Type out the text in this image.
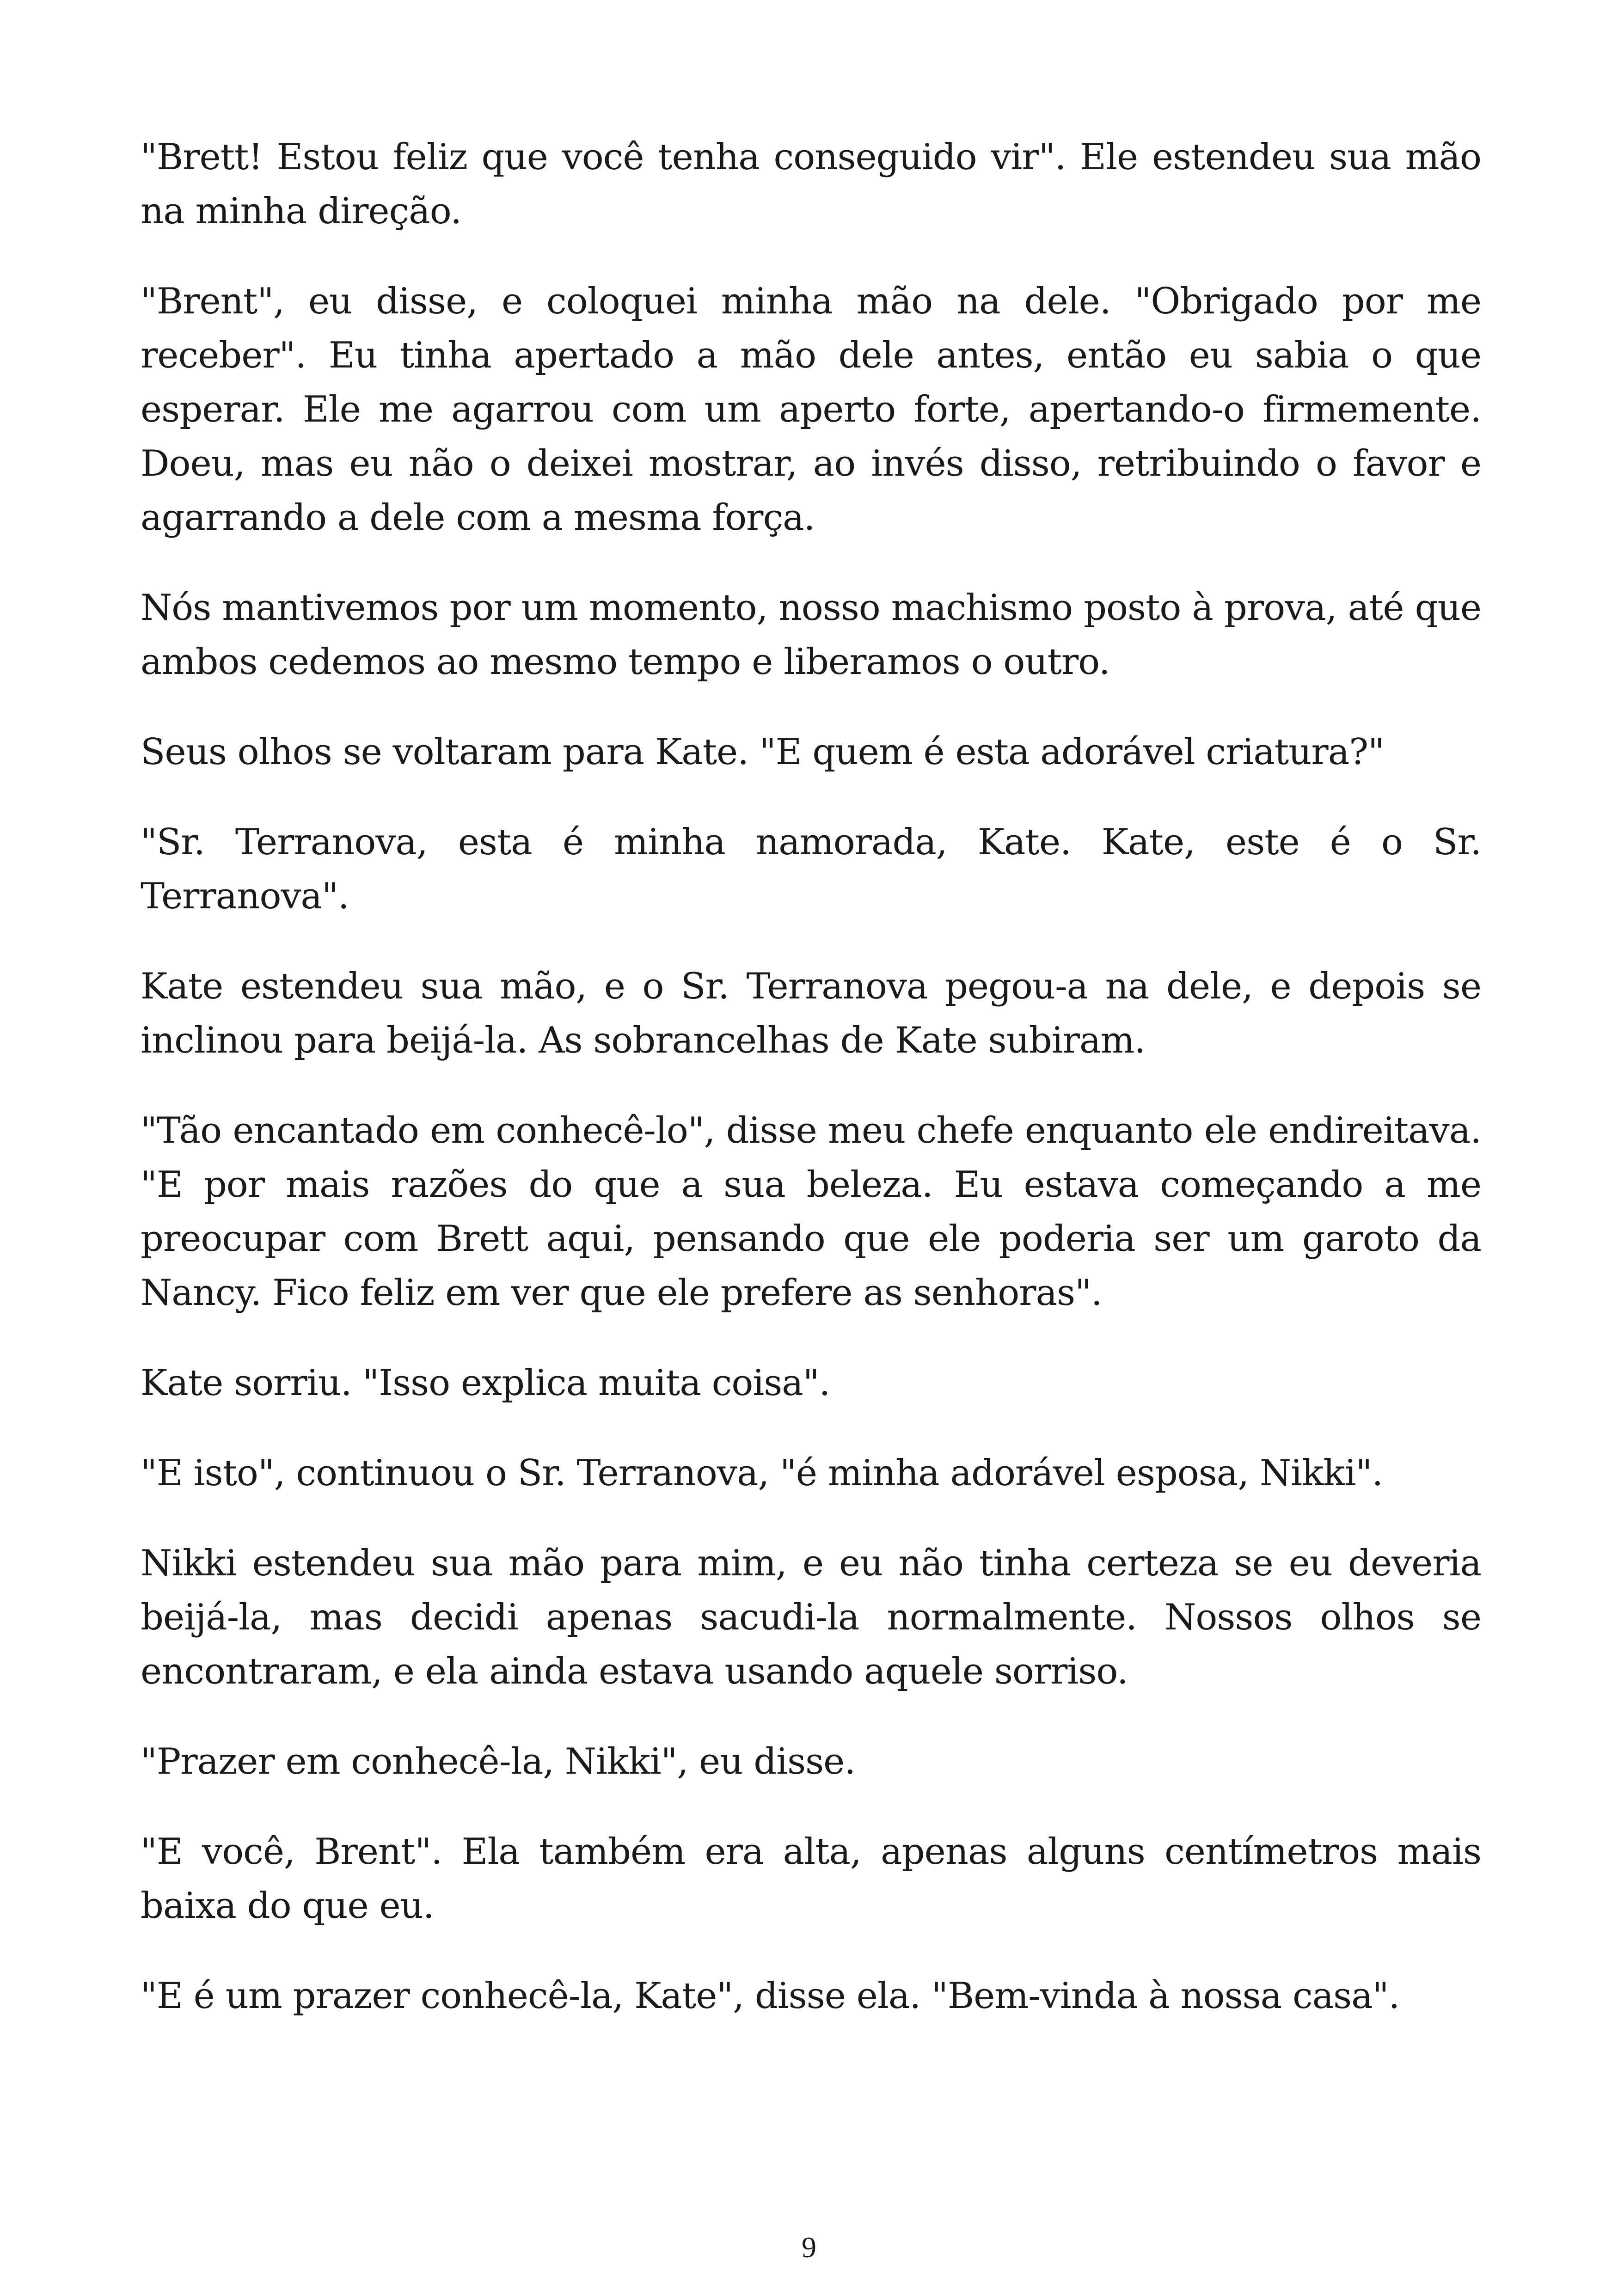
"Brett! Estou feliz que você tenha conseguido vir". Ele estendeu sua mão na minha direção.

"Brent", eu disse, e coloquei minha mão na dele. "Obrigado por me receber". Eu tinha apertado a mão dele antes, então eu sabia o que esperar. Ele me agarrou com um aperto forte, apertando-o firmemente. Doeu, mas eu não o deixei mostrar, ao invés disso, retribuindo o favor e agarrando a dele com a mesma força.

Nós mantivemos por um momento, nosso machismo posto à prova, até que ambos cedemos ao mesmo tempo e liberamos o outro.

Seus olhos se voltaram para Kate. "E quem é esta adorável criatura?"

"Sr. Terranova, esta é minha namorada, Kate. Kate, este é o Sr. Terranova".

Kate estendeu sua mão, e o Sr. Terranova pegou-a na dele, e depois se inclinou para beijá-la. As sobrancelhas de Kate subiram.

"Tão encantado em conhecê-lo", disse meu chefe enquanto ele endireitava. "E por mais razões do que a sua beleza. Eu estava começando a me preocupar com Brett aqui, pensando que ele poderia ser um garoto da Nancy. Fico feliz em ver que ele prefere as senhoras".

Kate sorriu. "Isso explica muita coisa".

"E isto", continuou o Sr. Terranova, "é minha adorável esposa, Nikki".

Nikki estendeu sua mão para mim, e eu não tinha certeza se eu deveria beijá-la, mas decidi apenas sacudi-la normalmente. Nossos olhos se encontraram, e ela ainda estava usando aquele sorriso.

"Prazer em conhecê-la, Nikki", eu disse.

"E você, Brent". Ela também era alta, apenas alguns centímetros mais baixa do que eu.

"E é um prazer conhecê-la, Kate", disse ela. "Bem-vinda à nossa casa".

9
